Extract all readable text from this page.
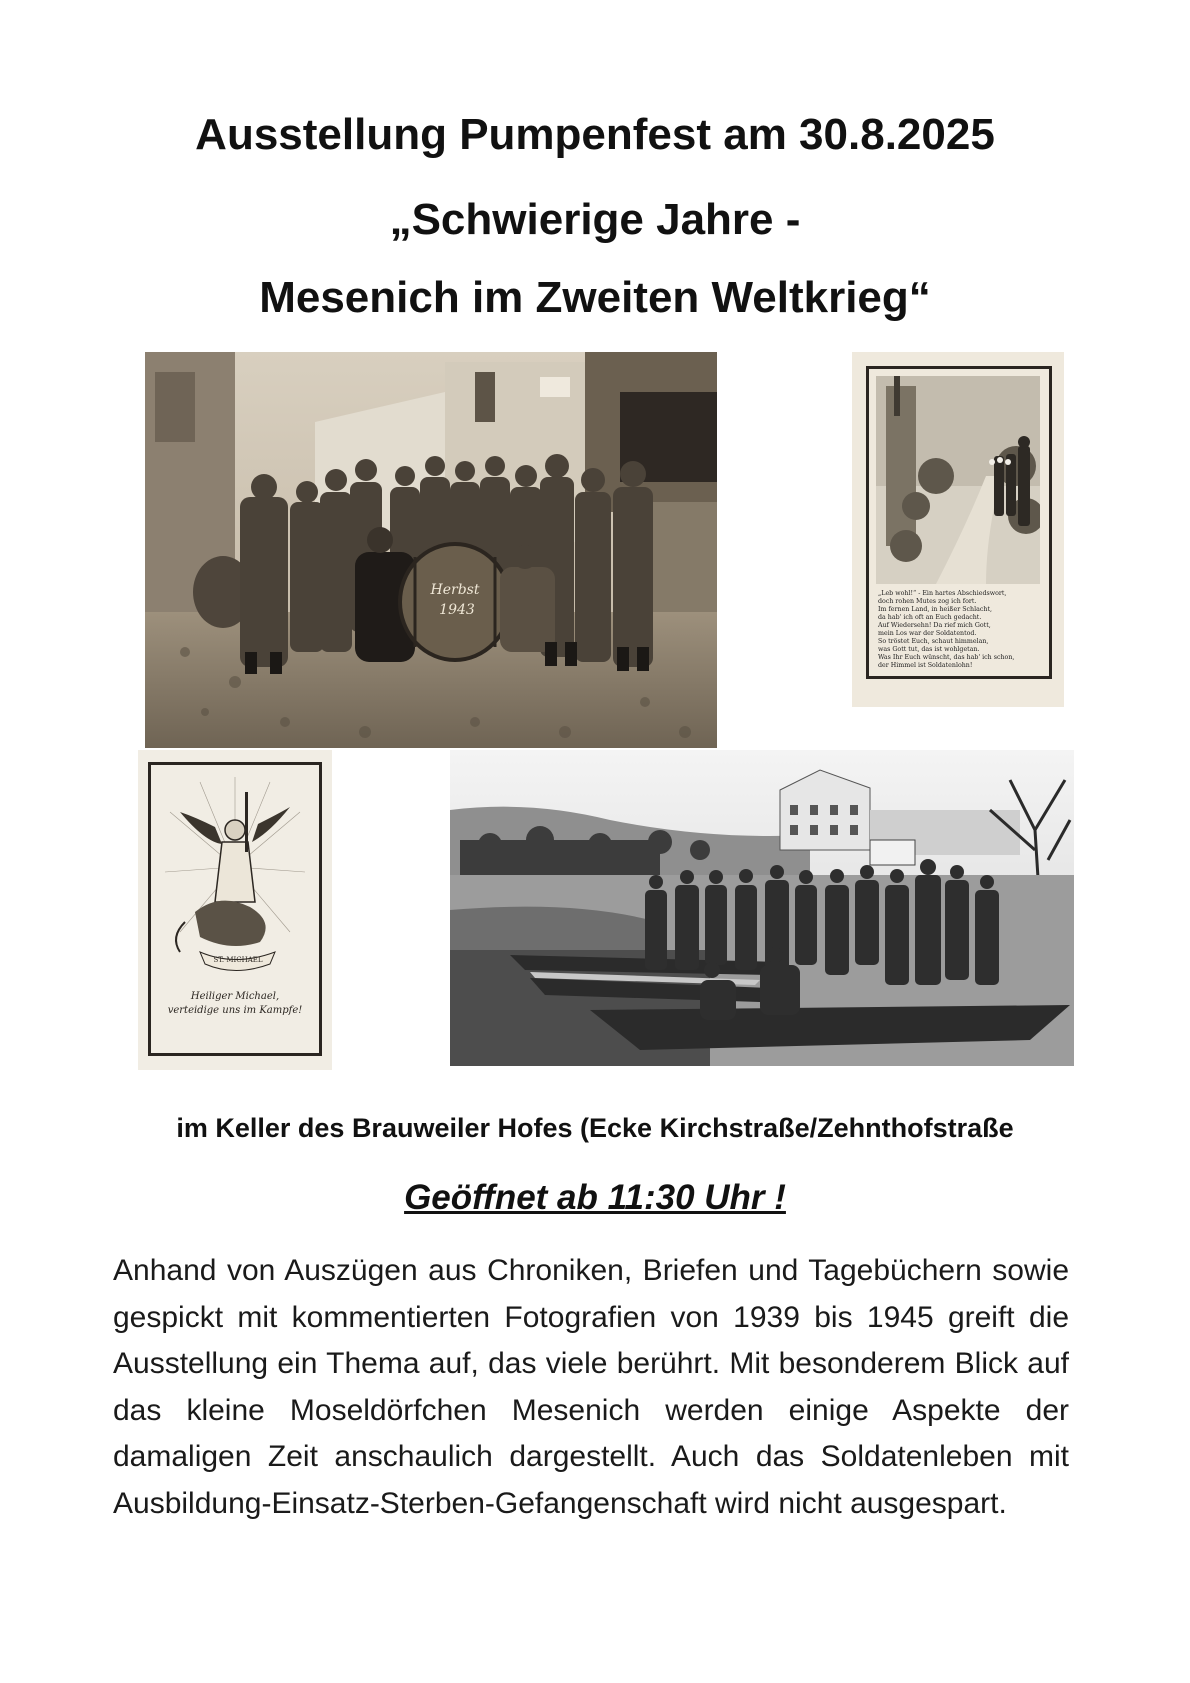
Ausstellung Pumpenfest am 30.8.2025
„Schwierige Jahre -
Mesenich im Zweiten Weltkrieg“
Herbst
1943
„Leb wohl!“ - Ein hartes Abschiedswort,
doch rohen Mutes zog ich fort.
Im fernen Land, in heißer Schlacht,
da hab' ich oft an Euch gedacht.
Auf Wiedersehn! Da rief mich Gott,
mein Los war der Soldatentod.
So tröstet Euch, schaut himmelan,
was Gott tut, das ist wohlgetan.
Was Ihr Euch wünscht, das hab' ich schon,
der Himmel ist Soldatenlohn!
ST. MICHAEL
Heiliger Michael,
verteidige uns im Kampfe!
im Keller des Brauweiler Hofes (Ecke Kirchstraße/Zehnthofstraße
Geöffnet ab 11:30 Uhr !
Anhand von Auszügen aus Chroniken, Briefen und Tagebüchern sowie gespickt mit kommentierten Fotografien von 1939 bis 1945 greift die Ausstellung ein Thema auf, das viele berührt. Mit besonderem Blick auf das kleine Moseldörfchen Mesenich werden einige Aspekte der damaligen Zeit anschaulich dargestellt. Auch das Soldatenleben mit Ausbildung-Einsatz-Sterben-Gefangenschaft wird nicht ausgespart.
